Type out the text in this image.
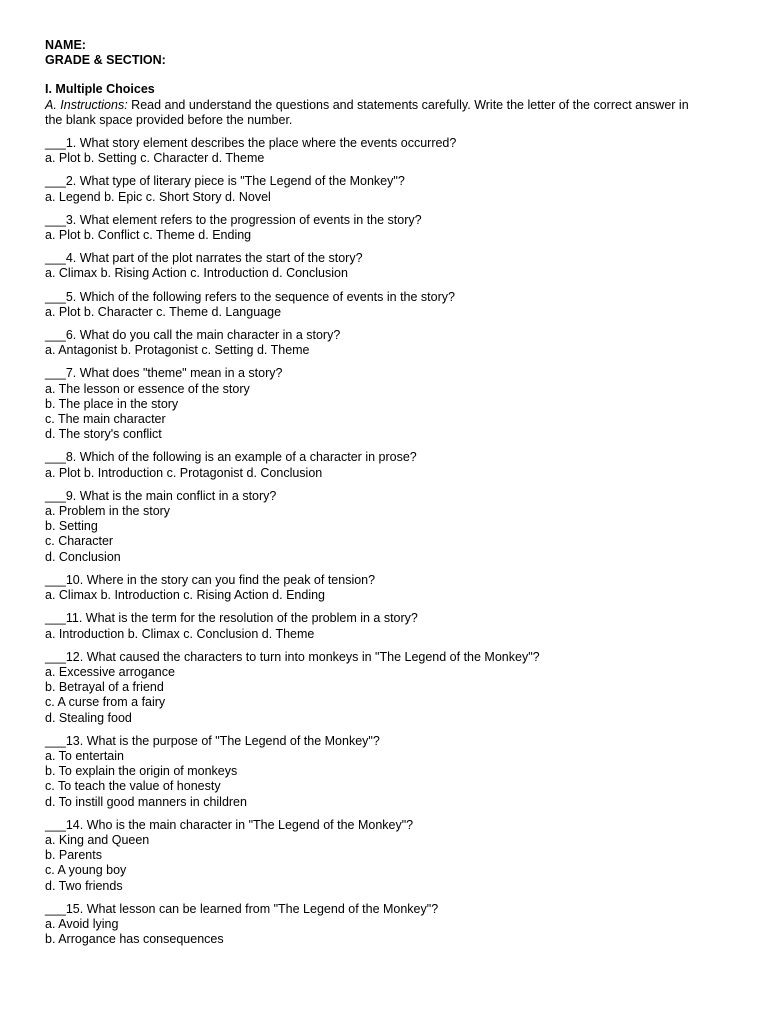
NAME:
GRADE & SECTION:
I. Multiple Choices
A. Instructions: Read and understand the questions and statements carefully. Write the letter of the correct answer in the blank space provided before the number.
___1. What story element describes the place where the events occurred?
a. Plot b. Setting c. Character d. Theme
___2. What type of literary piece is "The Legend of the Monkey"?
a. Legend b. Epic c. Short Story d. Novel
___3. What element refers to the progression of events in the story?
a. Plot b. Conflict c. Theme d. Ending
___4. What part of the plot narrates the start of the story?
a. Climax b. Rising Action c. Introduction d. Conclusion
___5. Which of the following refers to the sequence of events in the story?
a. Plot b. Character c. Theme d. Language
___6. What do you call the main character in a story?
a. Antagonist b. Protagonist c. Setting d. Theme
___7. What does "theme" mean in a story?
a. The lesson or essence of the story
b. The place in the story
c. The main character
d. The story's conflict
___8. Which of the following is an example of a character in prose?
a. Plot b. Introduction c. Protagonist d. Conclusion
___9. What is the main conflict in a story?
a. Problem in the story
b. Setting
c. Character
d. Conclusion
___10. Where in the story can you find the peak of tension?
a. Climax b. Introduction c. Rising Action d. Ending
___11. What is the term for the resolution of the problem in a story?
a. Introduction b. Climax c. Conclusion d. Theme
___12. What caused the characters to turn into monkeys in "The Legend of the Monkey"?
a. Excessive arrogance
b. Betrayal of a friend
c. A curse from a fairy
d. Stealing food
___13. What is the purpose of "The Legend of the Monkey"?
a. To entertain
b. To explain the origin of monkeys
c. To teach the value of honesty
d. To instill good manners in children
___14. Who is the main character in "The Legend of the Monkey"?
a. King and Queen
b. Parents
c. A young boy
d. Two friends
___15. What lesson can be learned from "The Legend of the Monkey"?
a. Avoid lying
b. Arrogance has consequences
